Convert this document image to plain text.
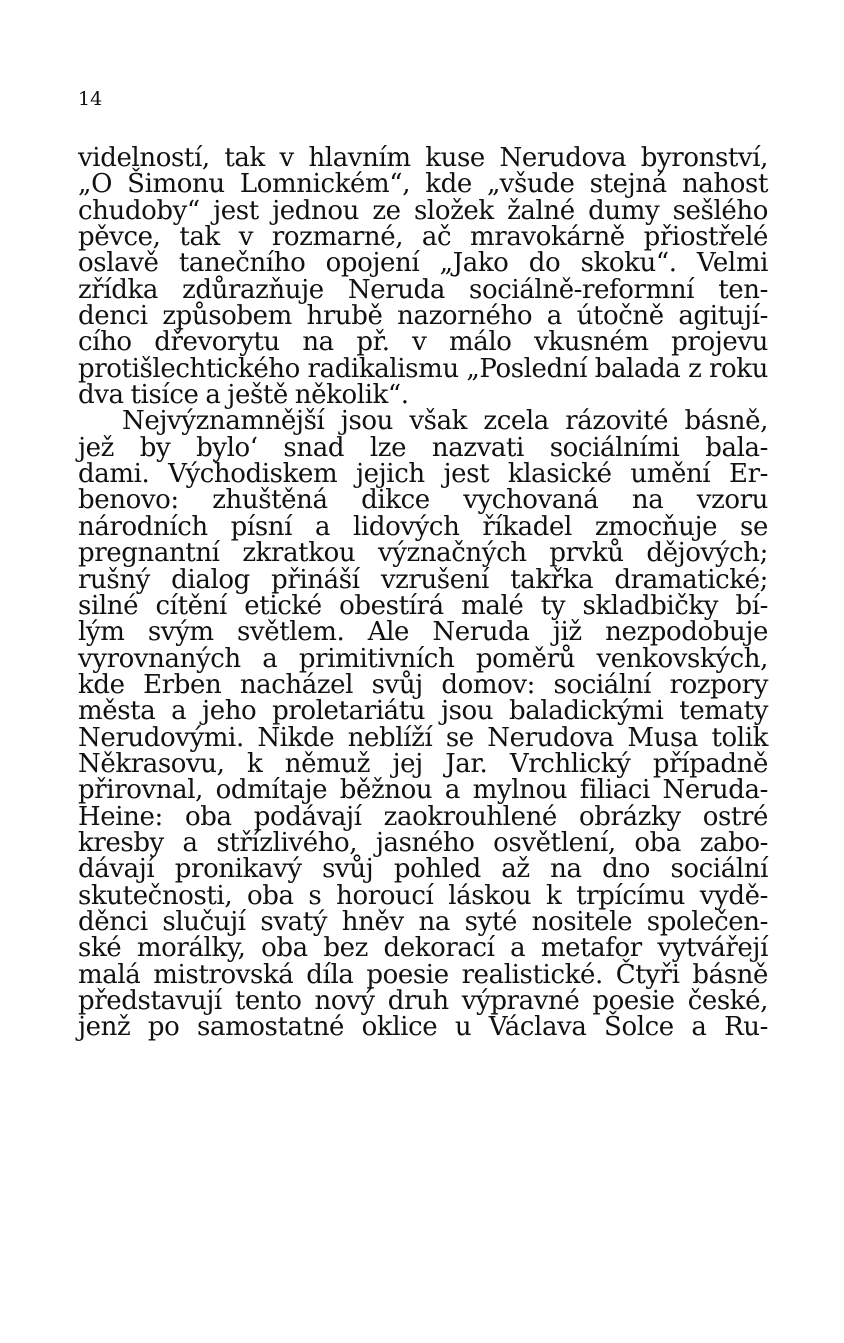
14
videlností, tak v hlavním kuse Nerudova byronství,
„O Šimonu Lomnickém“, kde „všude stejná nahost
chudoby“ jest jednou ze složek žalné dumy sešlého
pěvce, tak v rozmarné, ač mravokárně přiostřelé
oslavě tanečního opojení „Jako do skoku“. Velmi
zřídka zdůrazňuje Neruda sociálně-reformní ten-
denci způsobem hrubě nazorného a útočně agitují-
cího dřevorytu na př. v málo vkusném projevu
protišlechtického radikalismu „Poslední balada z roku
dva tisíce a ještě několik“.
Nejvýznamnější jsou však zcela rázovité básně,
jež by bylo‘ snad lze nazvati sociálními bala-
dami. Východiskem jejich jest klasické umění Er-
benovo: zhuštěná dikce vychovaná na vzoru
národních písní a lidových říkadel zmocňuje se
pregnantní zkratkou význačných prvků dějových;
rušný dialog přináší vzrušení takřka dramatické;
silné cítění etické obestírá malé ty skladbičky bí-
lým svým světlem. Ale Neruda již nezpodobuje
vyrovnaných a primitivních poměrů venkovských,
kde Erben nacházel svůj domov: sociální rozpory
města a jeho proletariátu jsou baladickými tematy
Nerudovými. Nikde neblíží se Nerudova Musa tolik
Někrasovu, k němuž jej Jar. Vrchlický případně
přirovnal, odmítaje běžnou a mylnou filiaci Neruda-
Heine: oba podávají zaokrouhlené obrázky ostré
kresby a střízlivého, jasného osvětlení, oba zabo-
dávají pronikavý svůj pohled až na dno sociální
skutečnosti, oba s horoucí láskou k trpícímu vydě-
děnci slučují svatý hněv na syté nositele společen-
ské morálky, oba bez dekorací a metafor vytvářejí
malá mistrovská díla poesie realistické. Čtyři básně
představují tento nový druh výpravné poesie české,
jenž po samostatné oklice u Václava Šolce a Ru-
